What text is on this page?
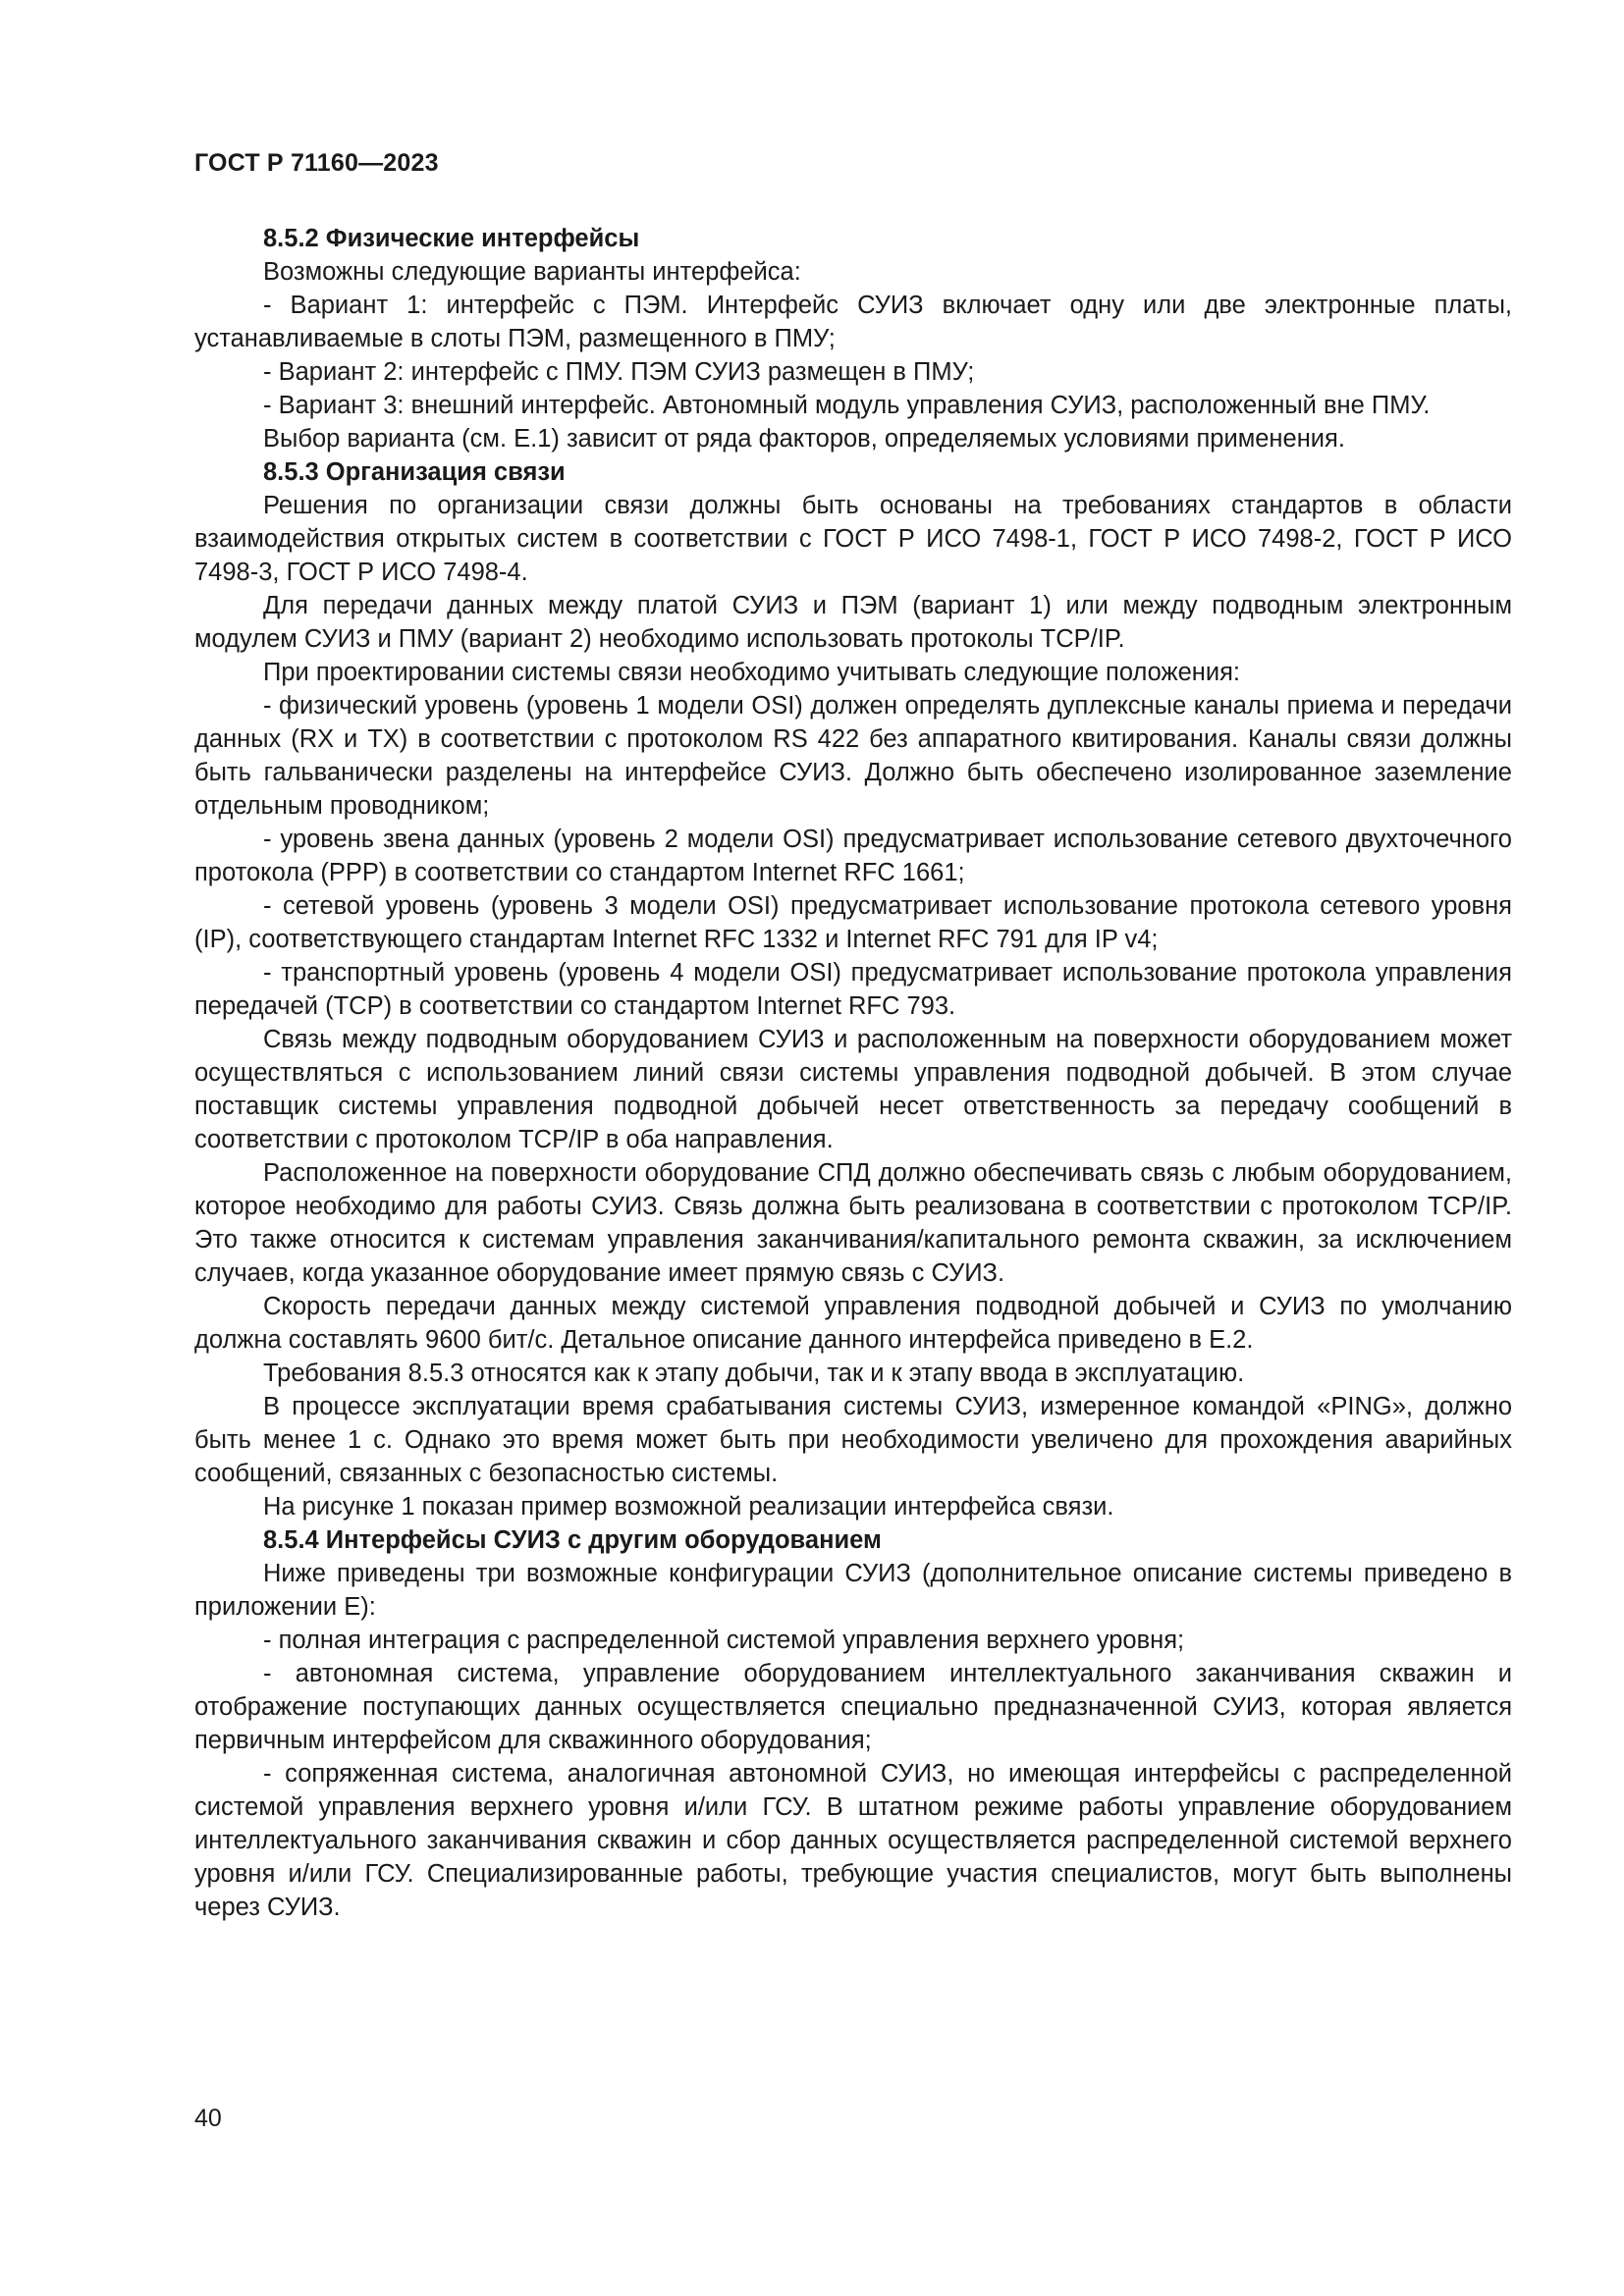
ГОСТ Р 71160—2023
8.5.2 Физические интерфейсы

Возможны следующие варианты интерфейса:

- Вариант 1: интерфейс с ПЭМ. Интерфейс СУИЗ включает одну или две электронные платы, устанавливаемые в слоты ПЭМ, размещенного в ПМУ;

- Вариант 2: интерфейс с ПМУ. ПЭМ СУИЗ размещен в ПМУ;

- Вариант 3: внешний интерфейс. Автономный модуль управления СУИЗ, расположенный вне ПМУ.

Выбор варианта (см. Е.1) зависит от ряда факторов, определяемых условиями применения.

8.5.3 Организация связи

Решения по организации связи должны быть основаны на требованиях стандартов в области взаимодействия открытых систем в соответствии с ГОСТ Р ИСО 7498-1, ГОСТ Р ИСО 7498-2, ГОСТ Р ИСО 7498-3, ГОСТ Р ИСО 7498-4.

Для передачи данных между платой СУИЗ и ПЭМ (вариант 1) или между подводным электронным модулем СУИЗ и ПМУ (вариант 2) необходимо использовать протоколы TCP/IP.

При проектировании системы связи необходимо учитывать следующие положения:

- физический уровень (уровень 1 модели OSI) должен определять дуплексные каналы приема и передачи данных (RX и TX) в соответствии с протоколом RS 422 без аппаратного квитирования. Каналы связи должны быть гальванически разделены на интерфейсе СУИЗ. Должно быть обеспечено изолированное заземление отдельным проводником;

- уровень звена данных (уровень 2 модели OSI) предусматривает использование сетевого двухточечного протокола (PPP) в соответствии со стандартом Internet RFC 1661;

- сетевой уровень (уровень 3 модели OSI) предусматривает использование протокола сетевого уровня (IP), соответствующего стандартам Internet RFC 1332 и Internet RFC 791 для IP v4;

- транспортный уровень (уровень 4 модели OSI) предусматривает использование протокола управления передачей (TCP) в соответствии со стандартом Internet RFC 793.

Связь между подводным оборудованием СУИЗ и расположенным на поверхности оборудованием может осуществляться с использованием линий связи системы управления подводной добычей. В этом случае поставщик системы управления подводной добычей несет ответственность за передачу сообщений в соответствии с протоколом TCP/IP в оба направления.

Расположенное на поверхности оборудование СПД должно обеспечивать связь с любым оборудованием, которое необходимо для работы СУИЗ. Связь должна быть реализована в соответствии с протоколом TCP/IP. Это также относится к системам управления заканчивания/капитального ремонта скважин, за исключением случаев, когда указанное оборудование имеет прямую связь с СУИЗ.

Скорость передачи данных между системой управления подводной добычей и СУИЗ по умолчанию должна составлять 9600 бит/с. Детальное описание данного интерфейса приведено в Е.2.

Требования 8.5.3 относятся как к этапу добычи, так и к этапу ввода в эксплуатацию.

В процессе эксплуатации время срабатывания системы СУИЗ, измеренное командой «PING», должно быть менее 1 с. Однако это время может быть при необходимости увеличено для прохождения аварийных сообщений, связанных с безопасностью системы.

На рисунке 1 показан пример возможной реализации интерфейса связи.

8.5.4 Интерфейсы СУИЗ с другим оборудованием

Ниже приведены три возможные конфигурации СУИЗ (дополнительное описание системы приведено в приложении Е):

- полная интеграция с распределенной системой управления верхнего уровня;

- автономная система, управление оборудованием интеллектуального заканчивания скважин и отображение поступающих данных осуществляется специально предназначенной СУИЗ, которая является первичным интерфейсом для скважинного оборудования;

- сопряженная система, аналогичная автономной СУИЗ, но имеющая интерфейсы с распределенной системой управления верхнего уровня и/или ГСУ. В штатном режиме работы управление оборудованием интеллектуального заканчивания скважин и сбор данных осуществляется распределенной системой верхнего уровня и/или ГСУ. Специализированные работы, требующие участия специалистов, могут быть выполнены через СУИЗ.

40
